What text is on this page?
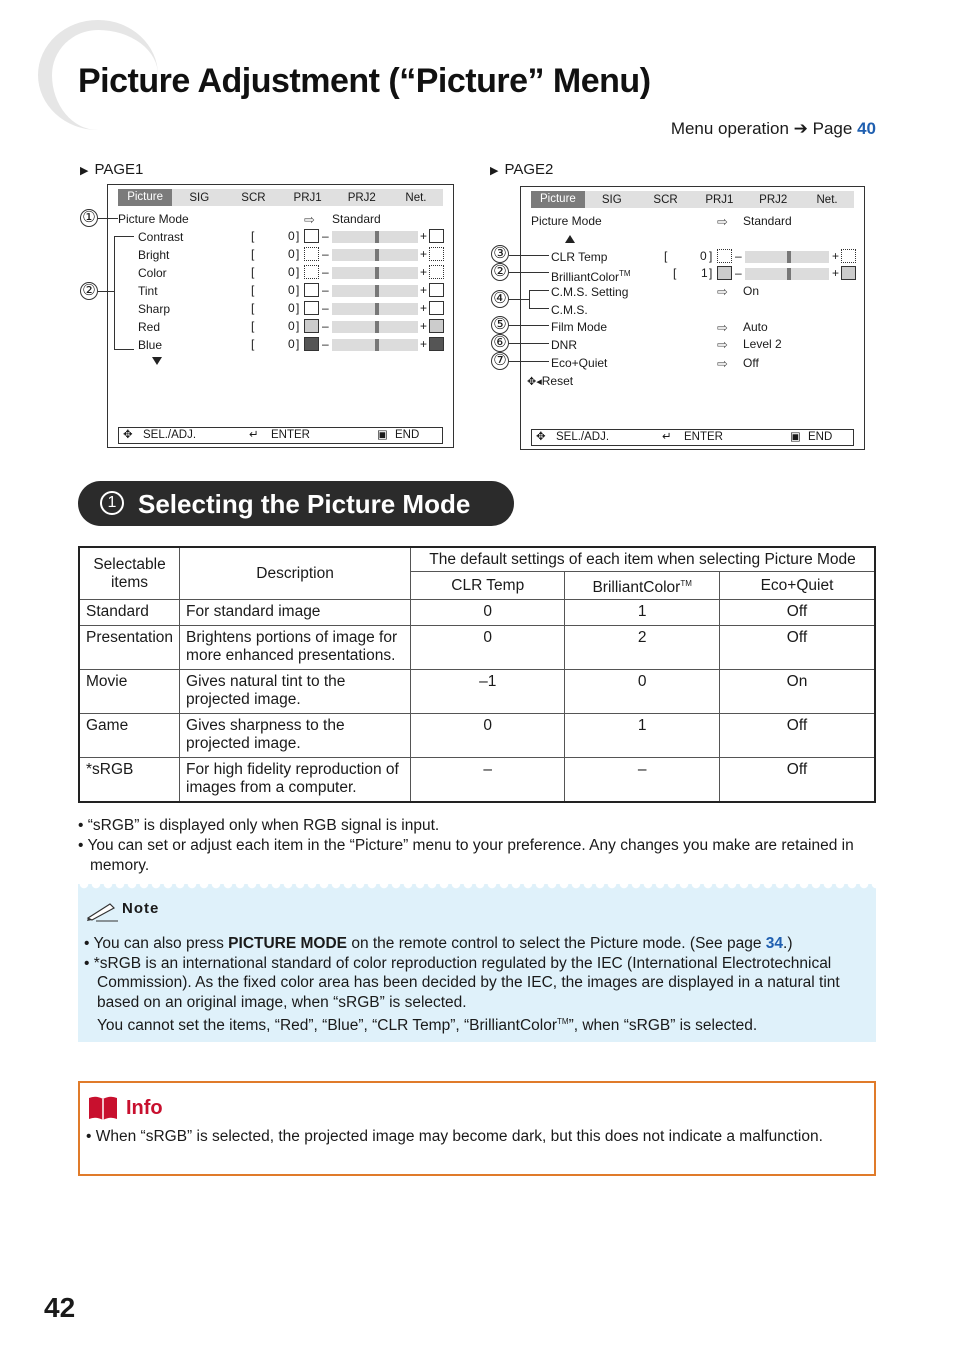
Picture Adjustment (“Picture” Menu)
Menu operation ➔ Page 40
▶ PAGE1
Picture	SIG	SCR	PRJ1	PRJ2	Net.
Picture Mode	⇨ Standard
✥ SEL./ADJ.	↵ ENTER	▣ END
Contrast	[	0 ] –	+
Bright	[	0 ] –	+
Color	[	0 ] –	+
Tint	[	0 ] –	+
Sharp	[	0 ] –	+
Red	[	0 ] –	+
Blue	[	0 ] –	+
①
②
▶ PAGE2
Picture	SIG	SCR	PRJ1	PRJ2	Net.
Picture Mode	⇨ Standard
CLR Temp	[	0 ] –	+
BrilliantColor™	[ 1 ] –	+
C.M.S. Setting	⇨ On
C.M.S.
Film Mode	⇨ Auto
DNR	⇨ Level 2
Eco+Quiet	⇨ Off
✥◂Reset
✥ SEL./ADJ.	↵ ENTER	▣ END
③
②
④
⑤
⑥
⑦
1 Selecting the Picture Mode
Selectable items	Description	The default settings of each item when selecting Picture Mode		
		CLR Temp	BrilliantColor™	Eco+Quiet
Standard	For standard image	0	1	Off
Presentation	Brightens portions of image for more enhanced presentations.	0	2	Off
Movie	Gives natural tint to the projected image.	–1	0	On
Game	Gives sharpness to the projected image.	0	1	Off
*sRGB	For high fidelity reproduction of images from a computer.	–	–	Off
• “sRGB” is displayed only when RGB signal is input.
• You can set or adjust each item in the “Picture” menu to your preference. Any changes you make are retained in memory.
Note
• You can also press PICTURE MODE on the remote control to select the Picture mode. (See page 34.)
• *sRGB is an international standard of color reproduction regulated by the IEC (International Electrotechnical Commission). As the fixed color area has been decided by the IEC, the images are displayed in a natural tint based on an original image, when “sRGB” is selected.
You cannot set the items, “Red”, “Blue”, “CLR Temp”, “BrilliantColor™”, when “sRGB” is selected.
Info
• When “sRGB” is selected, the projected image may become dark, but this does not indicate a malfunction.
42
